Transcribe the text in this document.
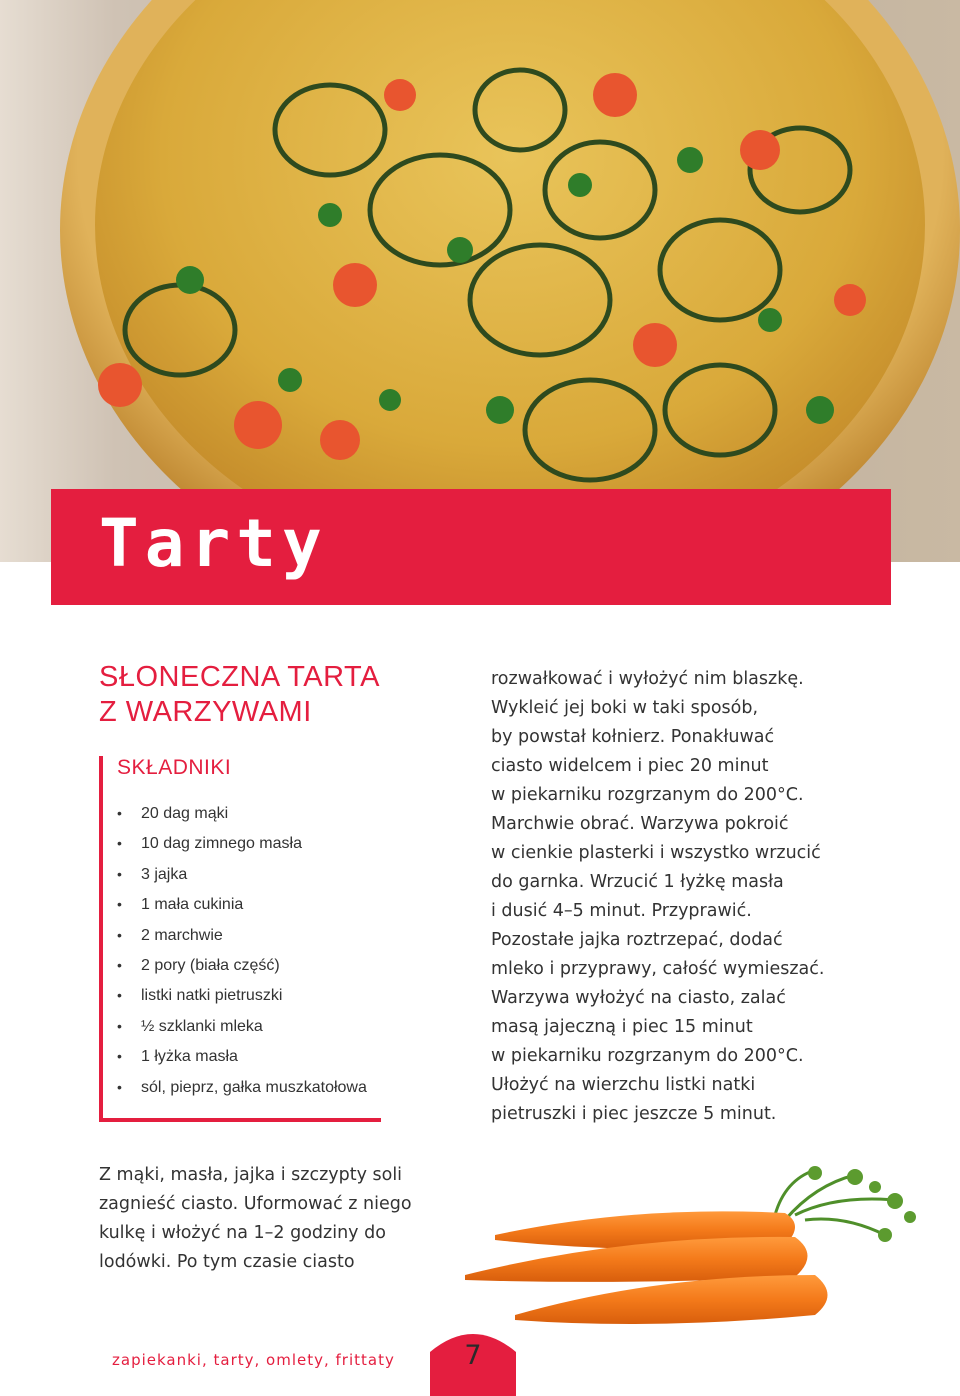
Tarty
SŁONECZNA TARTA
Z WARZYWAMI
SKŁADNIKI
• 20 dag mąki
• 10 dag zimnego masła
• 3 jajka
• 1 mała cukinia
• 2 marchwie
• 2 pory (biała część)
• listki natki pietruszki
• ½ szklanki mleka
• 1 łyżka masła
• sól, pieprz, gałka muszkatołowa

rozwałkować i wyłożyć nim blaszkę.
Wykleić jej boki w taki sposób,
by powstał kołnierz. Ponakłuwać
ciasto widelcem i piec 20 minut
w piekarniku rozgrzanym do 200°C.
Marchwie obrać. Warzywa pokroić
w cienkie plasterki i wszystko wrzucić
do garnka. Wrzucić 1 łyżkę masła
i dusić 4–5 minut. Przyprawić.
Pozostałe jajka roztrzepać, dodać
mleko i przyprawy, całość wymieszać.
Warzywa wyłożyć na ciasto, zalać
masą jajeczną i piec 15 minut
w piekarniku rozgrzanym do 200°C.
Ułożyć na wierzchu listki natki
pietruszki i piec jeszcze 5 minut.

Z mąki, masła, jajka i szczypty soli
zagnieść ciasto. Uformować z niego
kulkę i włożyć na 1–2 godziny do
lodówki. Po tym czasie ciasto

zapiekanki, tarty, omlety, frittaty	7
